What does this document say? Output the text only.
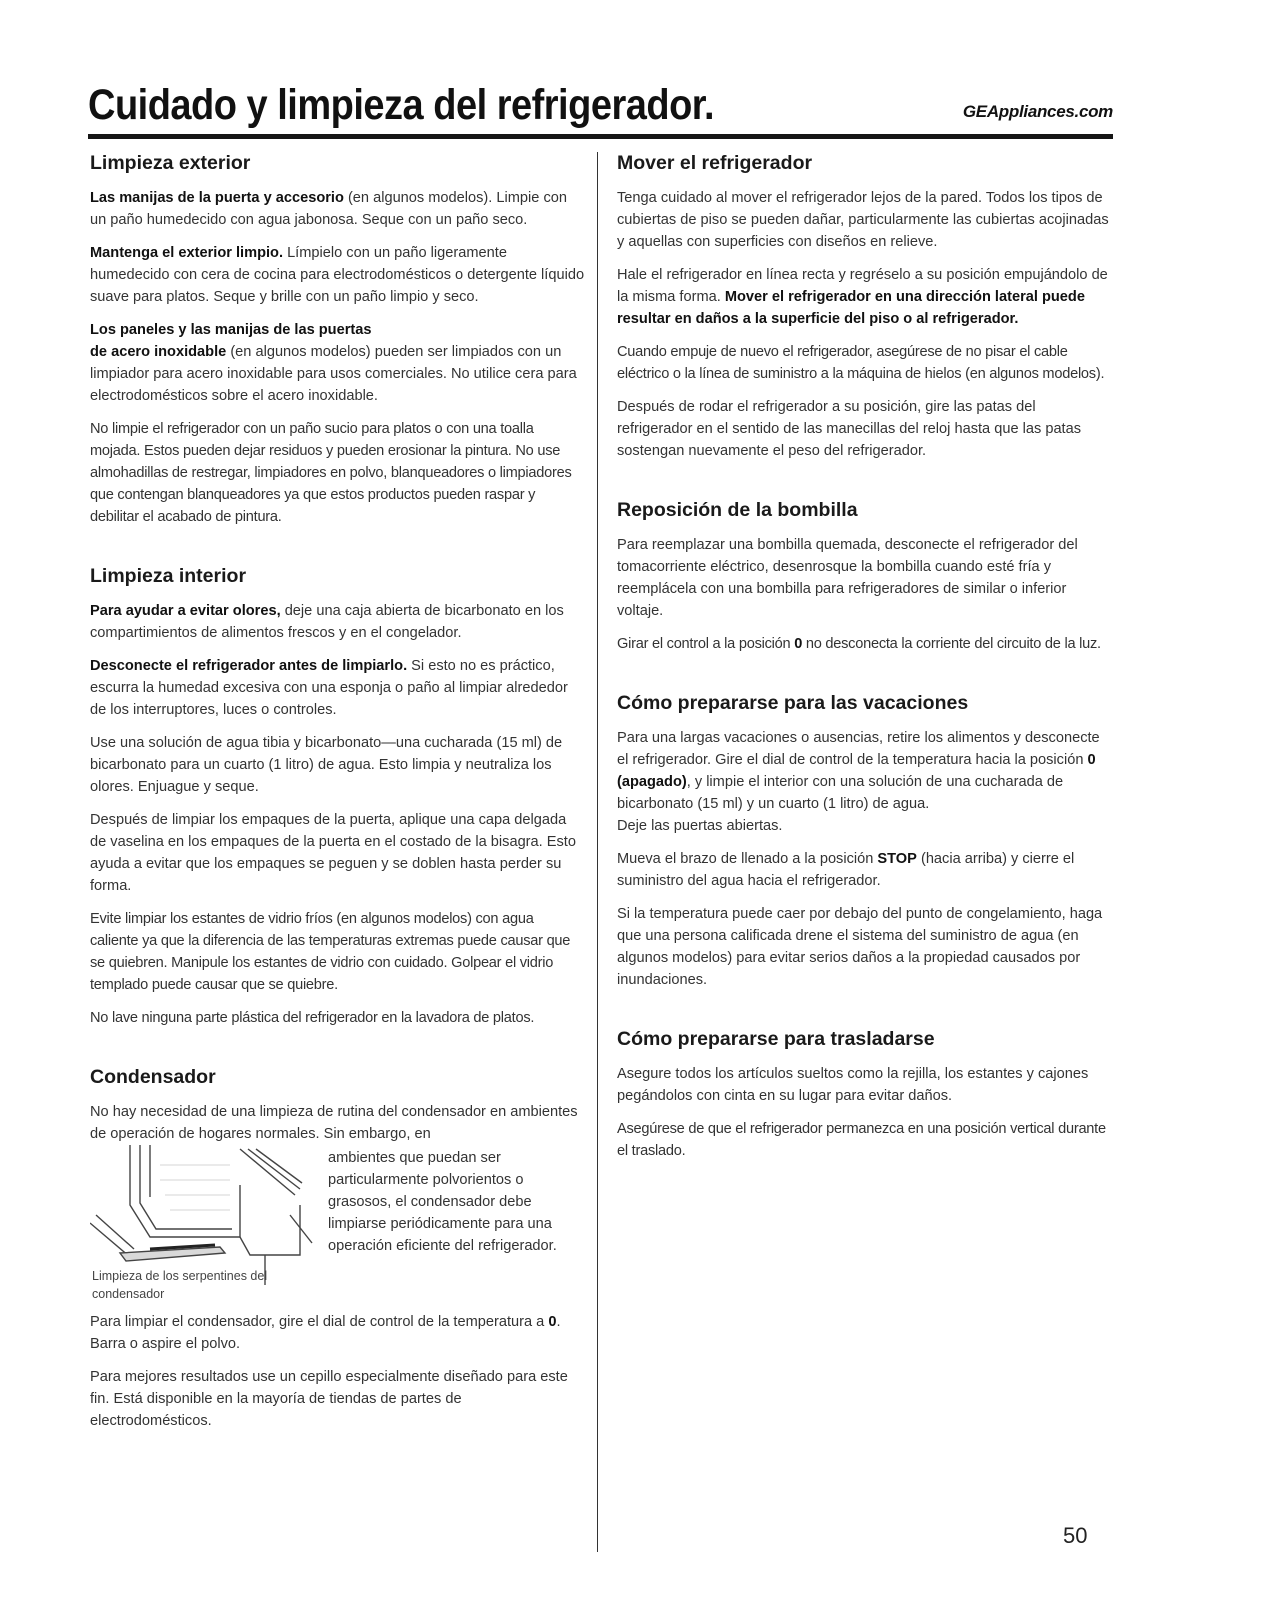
Cuidado y limpieza del refrigerador.	GEAppliances.com
Limpieza exterior

Las manijas de la puerta y accesorio (en algunos modelos). Limpie con un paño humedecido con agua jabonosa. Seque con un paño seco.

Mantenga el exterior limpio. Límpielo con un paño ligeramente humedecido con cera de cocina para electrodomésticos o detergente líquido suave para platos. Seque y brille con un paño limpio y seco.

Los paneles y las manijas de las puertas
de acero inoxidable (en algunos modelos) pueden ser limpiados con un limpiador para acero inoxidable para usos comerciales. No utilice cera para electrodomésticos sobre el acero inoxidable.

No limpie el refrigerador con un paño sucio para platos o con una toalla mojada. Estos pueden dejar residuos y pueden erosionar la pintura. No use almohadillas de restregar, limpiadores en polvo, blanqueadores o limpiadores que contengan blanqueadores ya que estos productos pueden raspar y debilitar el acabado de pintura.

Limpieza interior

Para ayudar a evitar olores, deje una caja abierta de bicarbonato en los compartimientos de alimentos frescos y en el congelador.

Desconecte el refrigerador antes de limpiarlo. Si esto no es práctico, escurra la humedad excesiva con una esponja o paño al limpiar alrededor de los interruptores, luces o controles.

Use una solución de agua tibia y bicarbonato—una cucharada (15 ml) de bicarbonato para un cuarto (1 litro) de agua. Esto limpia y neutraliza los olores. Enjuague y seque.

Después de limpiar los empaques de la puerta, aplique una capa delgada de vaselina en los empaques de la puerta en el costado de la bisagra. Esto ayuda a evitar que los empaques se peguen y se doblen hasta perder su forma.

Evite limpiar los estantes de vidrio fríos (en algunos modelos) con agua caliente ya que la diferencia de las temperaturas extremas puede causar que se quiebren. Manipule los estantes de vidrio con cuidado. Golpear el vidrio templado puede causar que se quiebre.

No lave ninguna parte plástica del refrigerador en la lavadora de platos.

Condensador

No hay necesidad de una limpieza de rutina del condensador en ambientes de operación de hogares normales. Sin embargo, en

Limpieza de los serpentines del condensador

ambientes que puedan ser particularmente polvorientos o grasosos, el condensador debe limpiarse periódicamente para una operación eficiente del refrigerador.

Para limpiar el condensador, gire el dial de control de la temperatura a 0. Barra o aspire el polvo.

Para mejores resultados use un cepillo especialmente diseñado para este fin. Está disponible en la mayoría de tiendas de partes de electrodomésticos.

Mover el refrigerador

Tenga cuidado al mover el refrigerador lejos de la pared. Todos los tipos de cubiertas de piso se pueden dañar, particularmente las cubiertas acojinadas y aquellas con superficies con diseños en relieve.

Hale el refrigerador en línea recta y regréselo a su posición empujándolo de la misma forma. Mover el refrigerador en una dirección lateral puede resultar en daños a la superficie del piso o al refrigerador.

Cuando empuje de nuevo el refrigerador, asegúrese de no pisar el cable eléctrico o la línea de suministro a la máquina de hielos (en algunos modelos).

Después de rodar el refrigerador a su posición, gire las patas del refrigerador en el sentido de las manecillas del reloj hasta que las patas sostengan nuevamente el peso del refrigerador.

Reposición de la bombilla

Para reemplazar una bombilla quemada, desconecte el refrigerador del tomacorriente eléctrico, desenrosque la bombilla cuando esté fría y reemplácela con una bombilla para refrigeradores de similar o inferior voltaje.

Girar el control a la posición 0 no desconecta la corriente del circuito de la luz.

Cómo prepararse para las vacaciones

Para una largas vacaciones o ausencias, retire los alimentos y desconecte el refrigerador. Gire el dial de control de la temperatura hacia la posición 0 (apagado), y limpie el interior con una solución de una cucharada de bicarbonato (15 ml) y un cuarto (1 litro) de agua.
Deje las puertas abiertas.

Mueva el brazo de llenado a la posición STOP (hacia arriba) y cierre el suministro del agua hacia el refrigerador.

Si la temperatura puede caer por debajo del punto de congelamiento, haga que una persona calificada drene el sistema del suministro de agua (en algunos modelos) para evitar serios daños a la propiedad causados por inundaciones.

Cómo prepararse para trasladarse

Asegure todos los artículos sueltos como la rejilla, los estantes y cajones pegándolos con cinta en su lugar para evitar daños.

Asegúrese de que el refrigerador permanezca en una posición vertical durante el traslado.

50
